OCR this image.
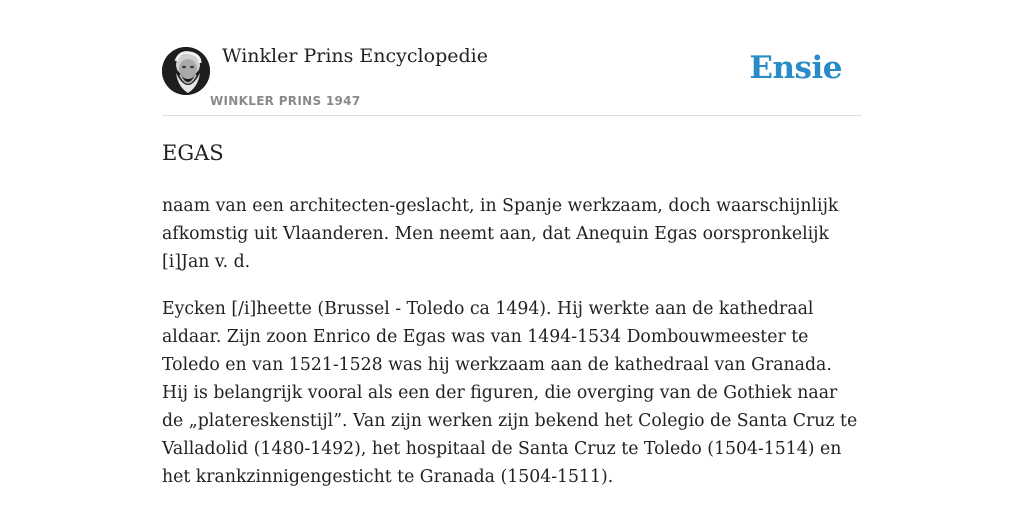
Winkler Prins Encyclopedie
WINKLER PRINS 1947
Ensie
EGAS

naam van een architecten-geslacht, in Spanje werkzaam, doch waarschijnlijk afkomstig uit Vlaanderen. Men neemt aan, dat Anequin Egas oorspronkelijk [i]Jan v. d.

Eycken [/i]heette (Brussel - Toledo ca 1494). Hij werkte aan de kathedraal aldaar. Zijn zoon Enrico de Egas was van 1494-1534 Dombouwmeester te Toledo en van 1521-1528 was hij werkzaam aan de kathedraal van Granada. Hij is belangrijk vooral als een der figuren, die overging van de Gothiek naar de „platereskenstijl”. Van zijn werken zijn bekend het Colegio de Santa Cruz te Valladolid (1480-1492), het hospitaal de Santa Cruz te Toledo (1504-1514) en het krankzinnigengesticht te Granada (1504-1511).
